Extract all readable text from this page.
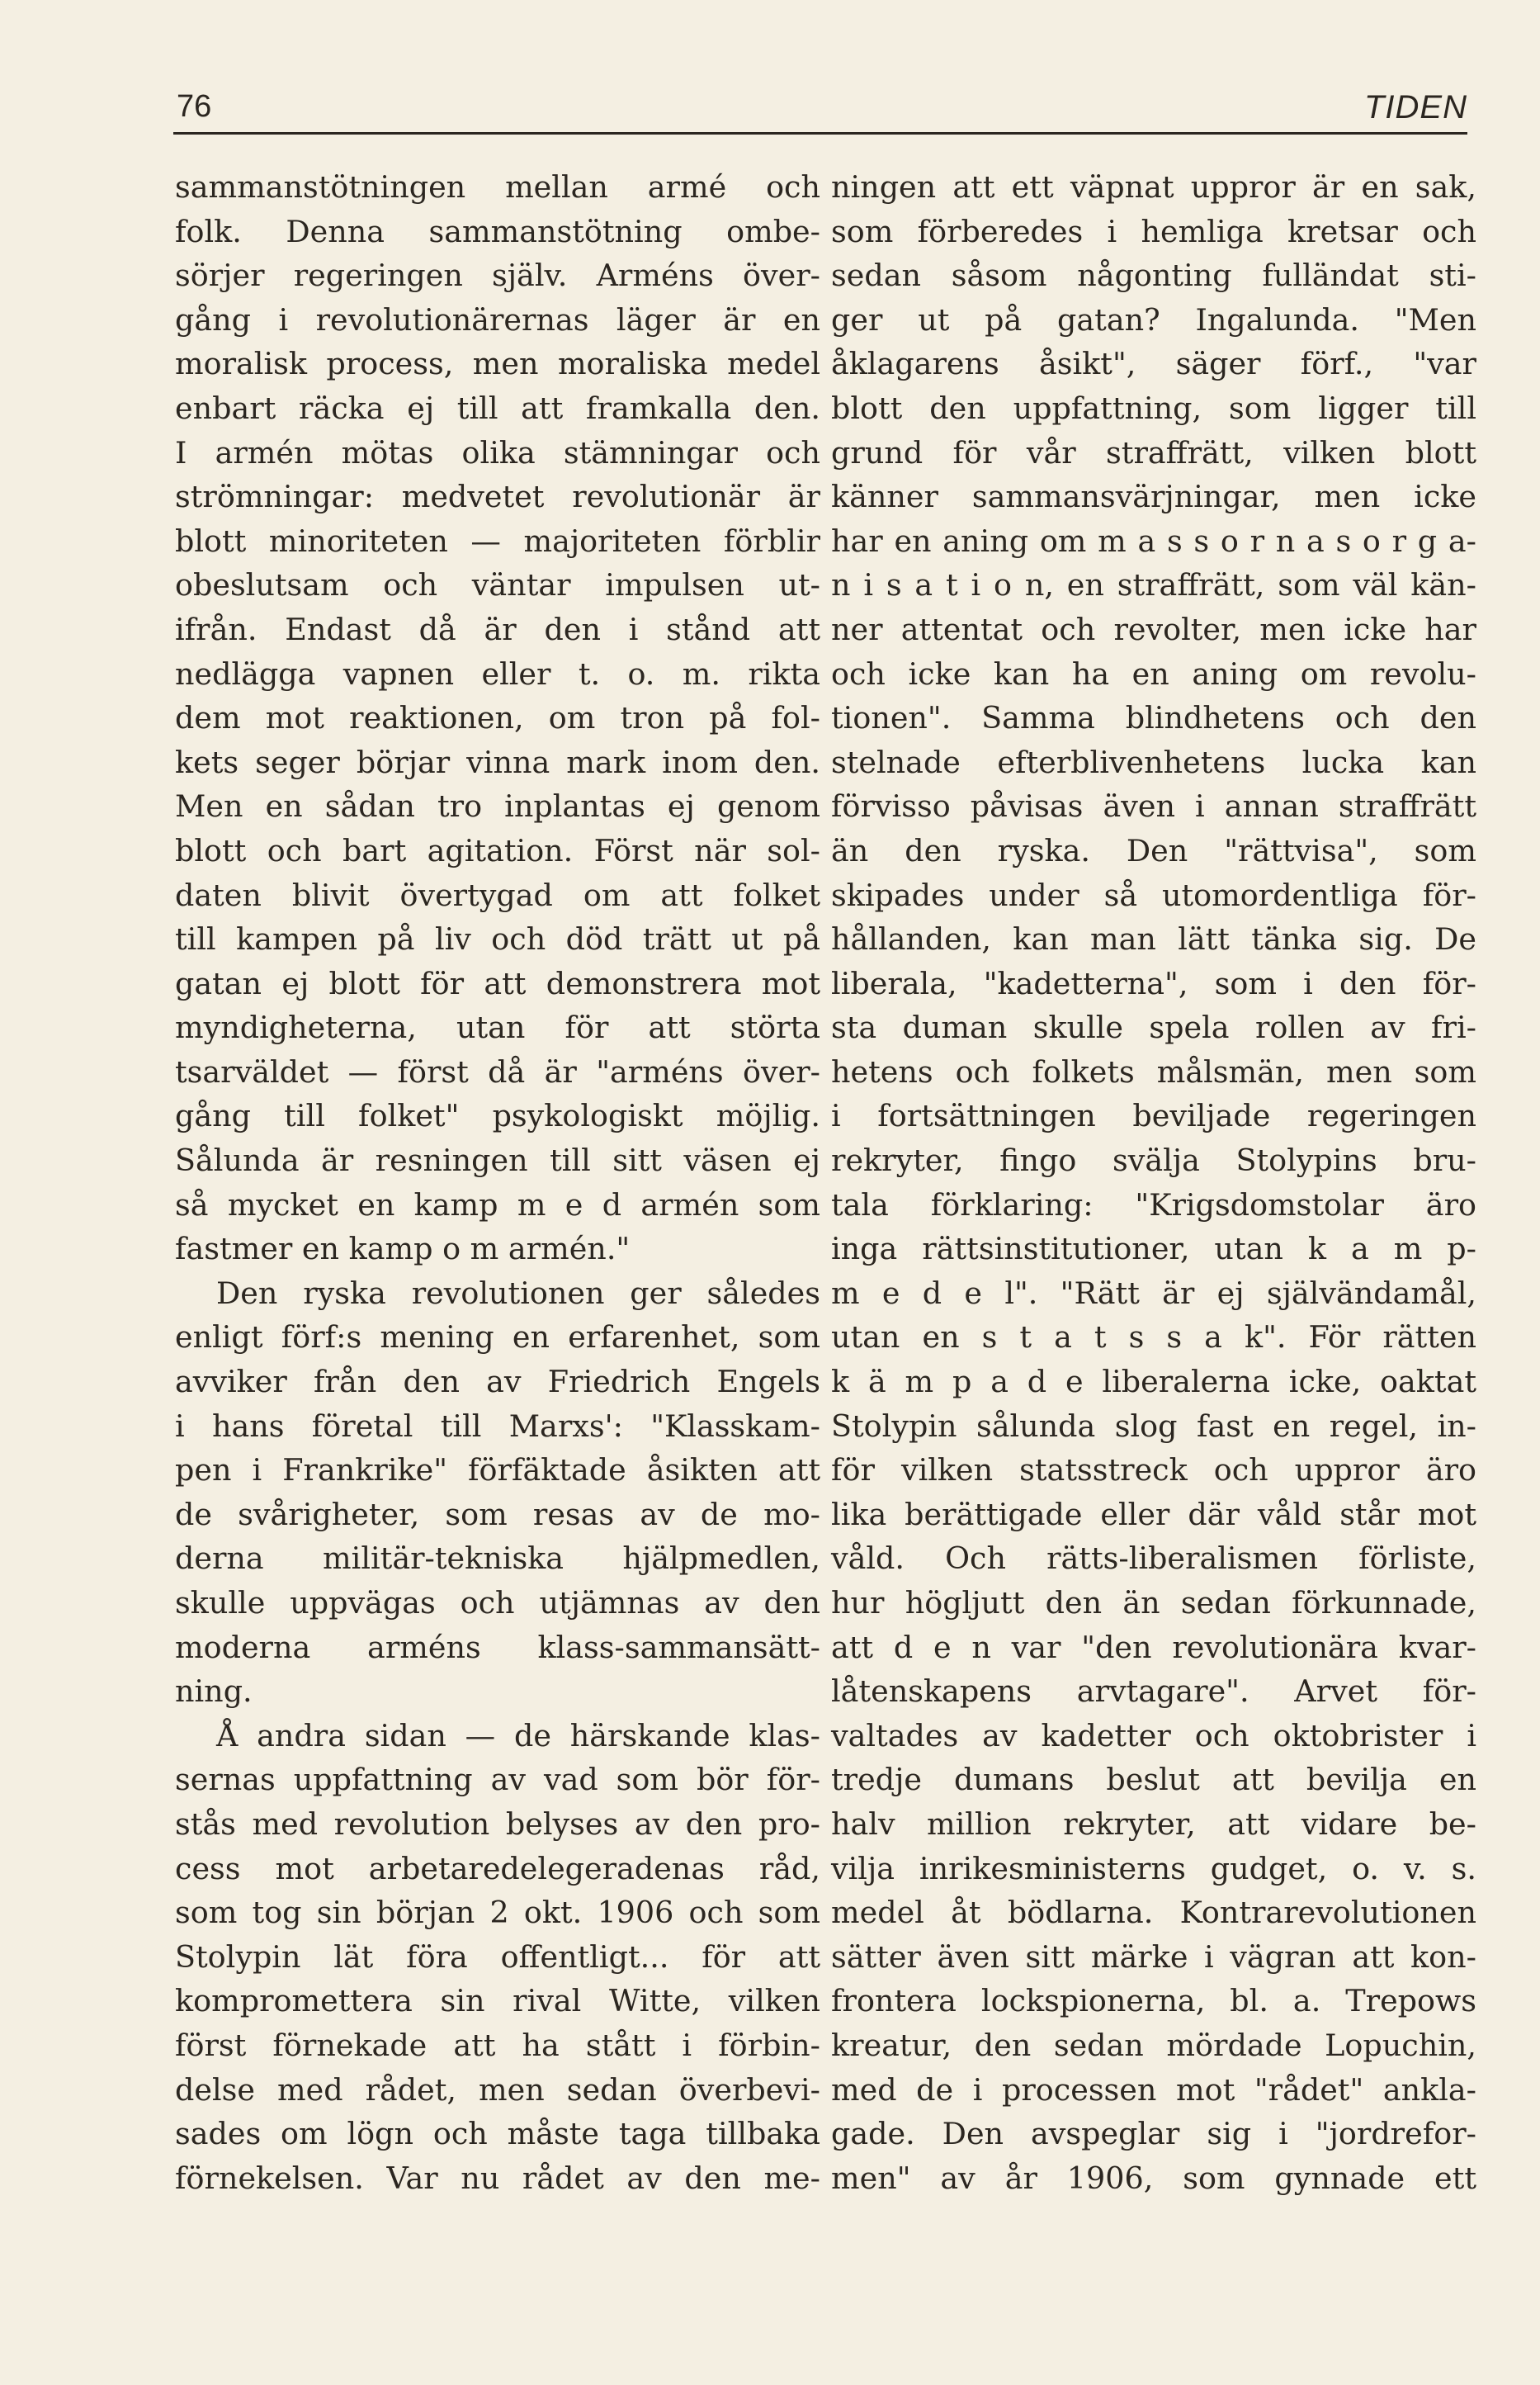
76	TIDEN
sammanstötningen mellan armé och
folk. Denna sammanstötning ombe-
sörjer regeringen själv. Arméns över-
gång i revolutionärernas läger är en
moralisk process, men moraliska medel
enbart räcka ej till att framkalla den.
I armén mötas olika stämningar och
strömningar: medvetet revolutionär är
blott minoriteten — majoriteten förblir
obeslutsam och väntar impulsen ut-
ifrån. Endast då är den i stånd att
nedlägga vapnen eller t. o. m. rikta
dem mot reaktionen, om tron på fol-
kets seger börjar vinna mark inom den.
Men en sådan tro inplantas ej genom
blott och bart agitation. Först när sol-
daten blivit övertygad om att folket
till kampen på liv och död trätt ut på
gatan ej blott för att demonstrera mot
myndigheterna, utan för att störta
tsarväldet — först då är "arméns över-
gång till folket" psykologiskt möjlig.
Sålunda är resningen till sitt väsen ej
så mycket en kamp m e d armén som
fastmer en kamp o m armén."
Den ryska revolutionen ger således
enligt förf:s mening en erfarenhet, som
avviker från den av Friedrich Engels
i hans företal till Marxs': "Klasskam-
pen i Frankrike" förfäktade åsikten att
de svårigheter, som resas av de mo-
derna militär-tekniska hjälpmedlen,
skulle uppvägas och utjämnas av den
moderna arméns klass-sammansätt-
ning.
Å andra sidan — de härskande klas-
sernas uppfattning av vad som bör för-
stås med revolution belyses av den pro-
cess mot arbetaredelegeradenas råd,
som tog sin början 2 okt. 1906 och som
Stolypin lät föra offentligt... för att
kompromettera sin rival Witte, vilken
först förnekade att ha stått i förbin-
delse med rådet, men sedan överbevi-
sades om lögn och måste taga tillbaka
förnekelsen. Var nu rådet av den me-
ningen att ett väpnat uppror är en sak,
som förberedes i hemliga kretsar och
sedan såsom någonting fulländat sti-
ger ut på gatan? Ingalunda. "Men
åklagarens åsikt", säger förf., "var
blott den uppfattning, som ligger till
grund för vår straffrätt, vilken blott
känner sammansvärjningar, men icke
har en aning om m a s s o r n a s o r g a-
n i s a t i o n, en straffrätt, som väl kän-
ner attentat och revolter, men icke har
och icke kan ha en aning om revolu-
tionen". Samma blindhetens och den
stelnade efterblivenhetens lucka kan
förvisso påvisas även i annan straffrätt
än den ryska. Den "rättvisa", som
skipades under så utomordentliga för-
hållanden, kan man lätt tänka sig. De
liberala, "kadetterna", som i den för-
sta duman skulle spela rollen av fri-
hetens och folkets målsmän, men som
i fortsättningen beviljade regeringen
rekryter, fingo svälja Stolypins bru-
tala förklaring: "Krigsdomstolar äro
inga rättsinstitutioner, utan k a m p-
m e d e l". "Rätt är ej självändamål,
utan en s t a t s s a k". För rätten
k ä m p a d e liberalerna icke, oaktat
Stolypin sålunda slog fast en regel, in-
för vilken statsstreck och uppror äro
lika berättigade eller där våld står mot
våld. Och rätts-liberalismen förliste,
hur högljutt den än sedan förkunnade,
att d e n var "den revolutionära kvar-
låtenskapens arvtagare". Arvet för-
valtades av kadetter och oktobrister i
tredje dumans beslut att bevilja en
halv million rekryter, att vidare be-
vilja inrikesministerns gudget, o. v. s.
medel åt bödlarna. Kontrarevolutionen
sätter även sitt märke i vägran att kon-
frontera lockspionerna, bl. a. Trepows
kreatur, den sedan mördade Lopuchin,
med de i processen mot "rådet" ankla-
gade. Den avspeglar sig i "jordrefor-
men" av år 1906, som gynnade ett
